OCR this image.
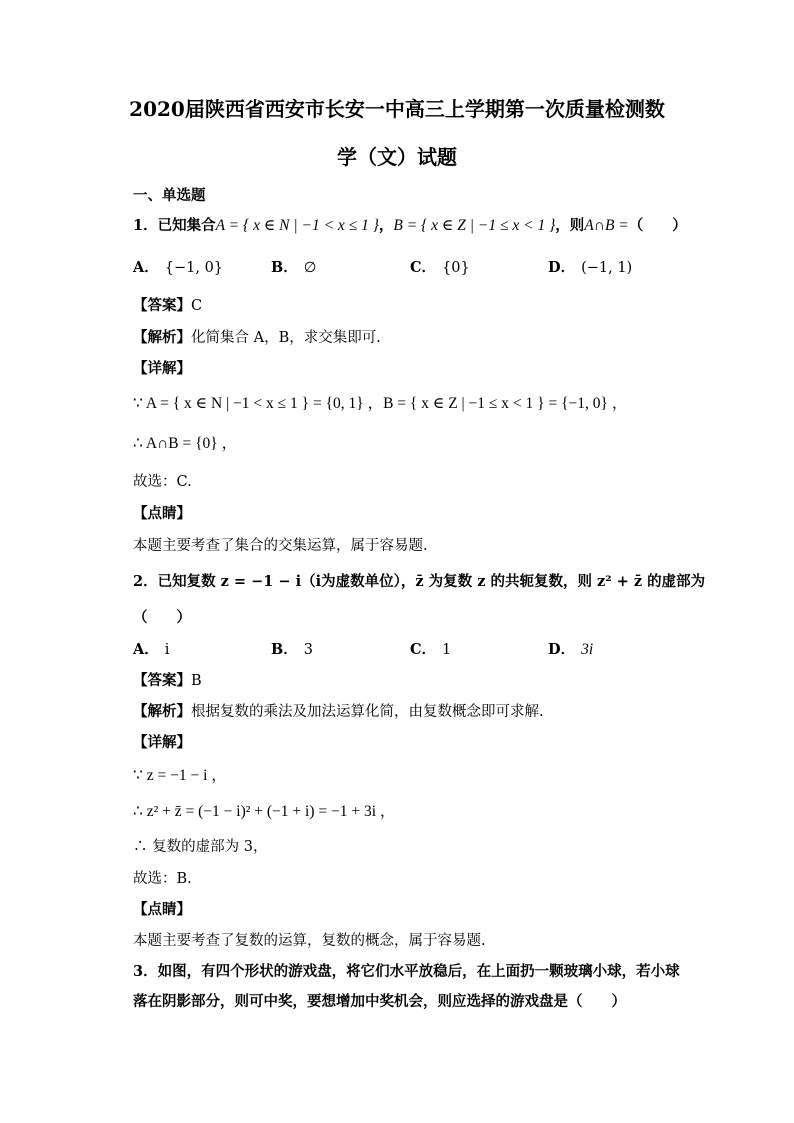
2020届陕西省西安市长安一中高三上学期第一次质量检测数
学（文）试题
一、单选题
1．已知集合A = { x ∈ N | −1 < x ≤ 1 }，B = { x ∈ Z | −1 ≤ x < 1 }，则A∩B =（　　）
A． {−1, 0}	B． ∅	C． {0}	D． (−1, 1)
【答案】C
【解析】化简集合 A，B，求交集即可.
【详解】
∵ A = { x ∈ N | −1 < x ≤ 1 } = {0, 1} ，B = { x ∈ Z | −1 ≤ x < 1 } = {−1, 0} ，
∴ A∩B = {0} ，
故选：C.
【点睛】
本题主要考查了集合的交集运算，属于容易题.
2．已知复数 z = −1 − i（i为虚数单位），z̄ 为复数 z 的共轭复数，则 z² + z̄ 的虚部为
（　　）
A． i	B． 3	C． 1	D． 3i
【答案】B
【解析】根据复数的乘法及加法运算化简，由复数概念即可求解.
【详解】
∵ z = −1 − i ，
∴ z² + z̄ = (−1 − i)² + (−1 + i) = −1 + 3i ，
∴ 复数的虚部为 3，
故选：B.
【点睛】
本题主要考查了复数的运算，复数的概念，属于容易题.
3．如图，有四个形状的游戏盘，将它们水平放稳后，在上面扔一颗玻璃小球，若小球
落在阴影部分，则可中奖，要想增加中奖机会，则应选择的游戏盘是（　　）
